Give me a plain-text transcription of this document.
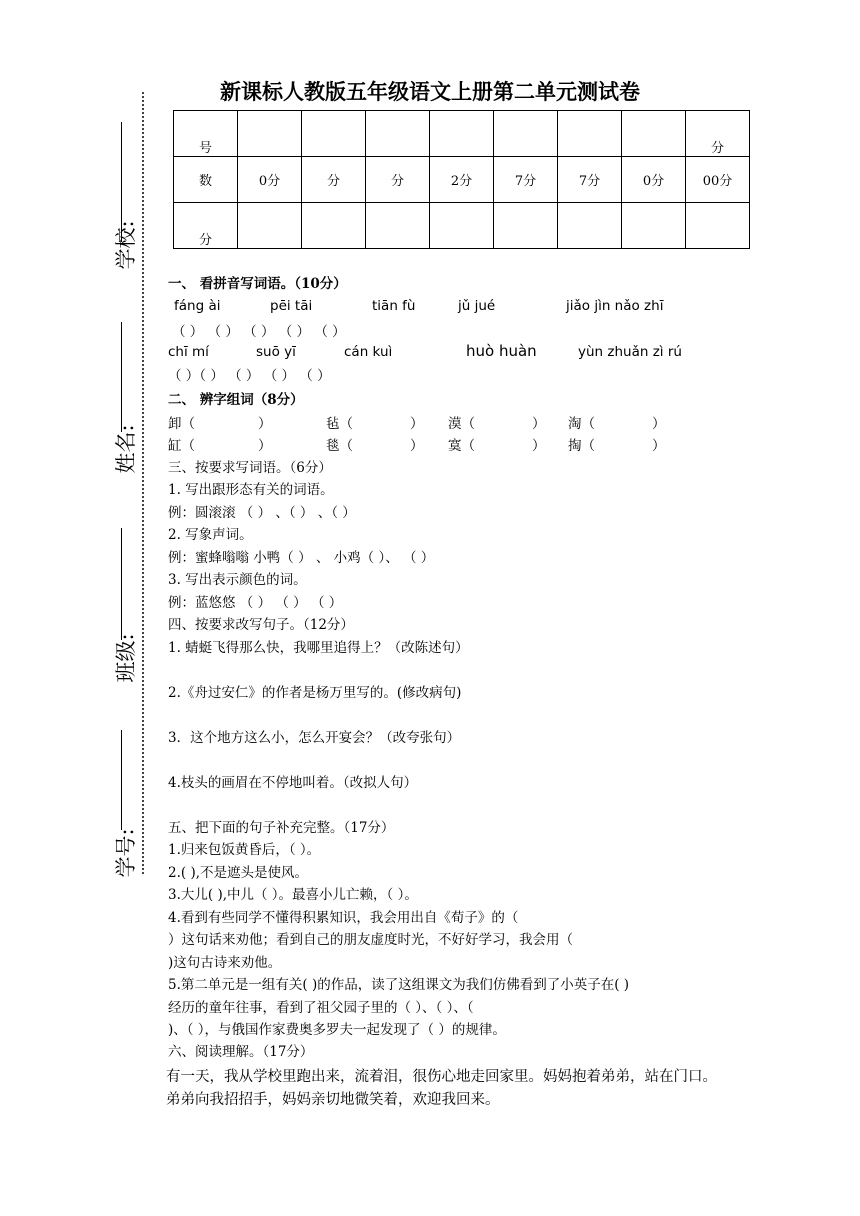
新课标人教版五年级语文上册第二单元测试卷
学校:
姓名:
班级:
学号:
号								分
数	0分	分	分	2分	7分	7分	0分	00分
分								
一、 看拼音写词语。（10分）
fáng ài	pēi tāi	tiān fù	jǔ jué	jiǎo jìn nǎo zhī
（ ） （ ） （ ） （ ） （ ）
chī mí	suō yī	cán kuì	huò huàn	yùn zhuǎn zì rú
（ ）（ ） （ ） （ ） （ ）
二、 辨字组词（8分）
卸（	）	毡（	） 漠（	） 淘（	）
缸（	）	毯（	） 寞（	） 掏（	）
三、按要求写词语。（6分）
1. 写出跟形态有关的词语。
例：圆滚滚 （ ） 、（ ） 、（ ）
2. 写象声词。
例：蜜蜂嗡嗡 小鸭（ ） 、 小鸡（ ）、 （ ）
3. 写出表示颜色的词。
例：蓝悠悠 （ ） （ ） （ ）
四、按要求改写句子。（12分）
1. 蜻蜓飞得那么快，我哪里追得上？（改陈述句）
2.《舟过安仁》的作者是杨万里写的。(修改病句)
3．这个地方这么小，怎么开宴会？（改夸张句）
4.枝头的画眉在不停地叫着。（改拟人句）
五、把下面的句子补充完整。（17分）
1.归来包饭黄昏后，（ ）。
2.( ),不是遮头是使风。
3.大儿( ),中儿（ ）。最喜小儿亡赖，（ ）。
4.看到有些同学不懂得积累知识，我会用出自《荀子》的（
）这句话来劝他；看到自己的朋友虚度时光，不好好学习，我会用（
)这句古诗来劝他。
5.第二单元是一组有关( )的作品，读了这组课文为我们仿佛看到了小英子在( )
经历的童年往事，看到了祖父园子里的（ ）、（ ）、（
)、（ ），与俄国作家费奥多罗夫一起发现了（ ）的规律。
六、阅读理解。（17分）
有一天，我从学校里跑出来，流着泪，很伤心地走回家里。妈妈抱着弟弟，站在门口。
弟弟向我招招手，妈妈亲切地微笑着，欢迎我回来。
